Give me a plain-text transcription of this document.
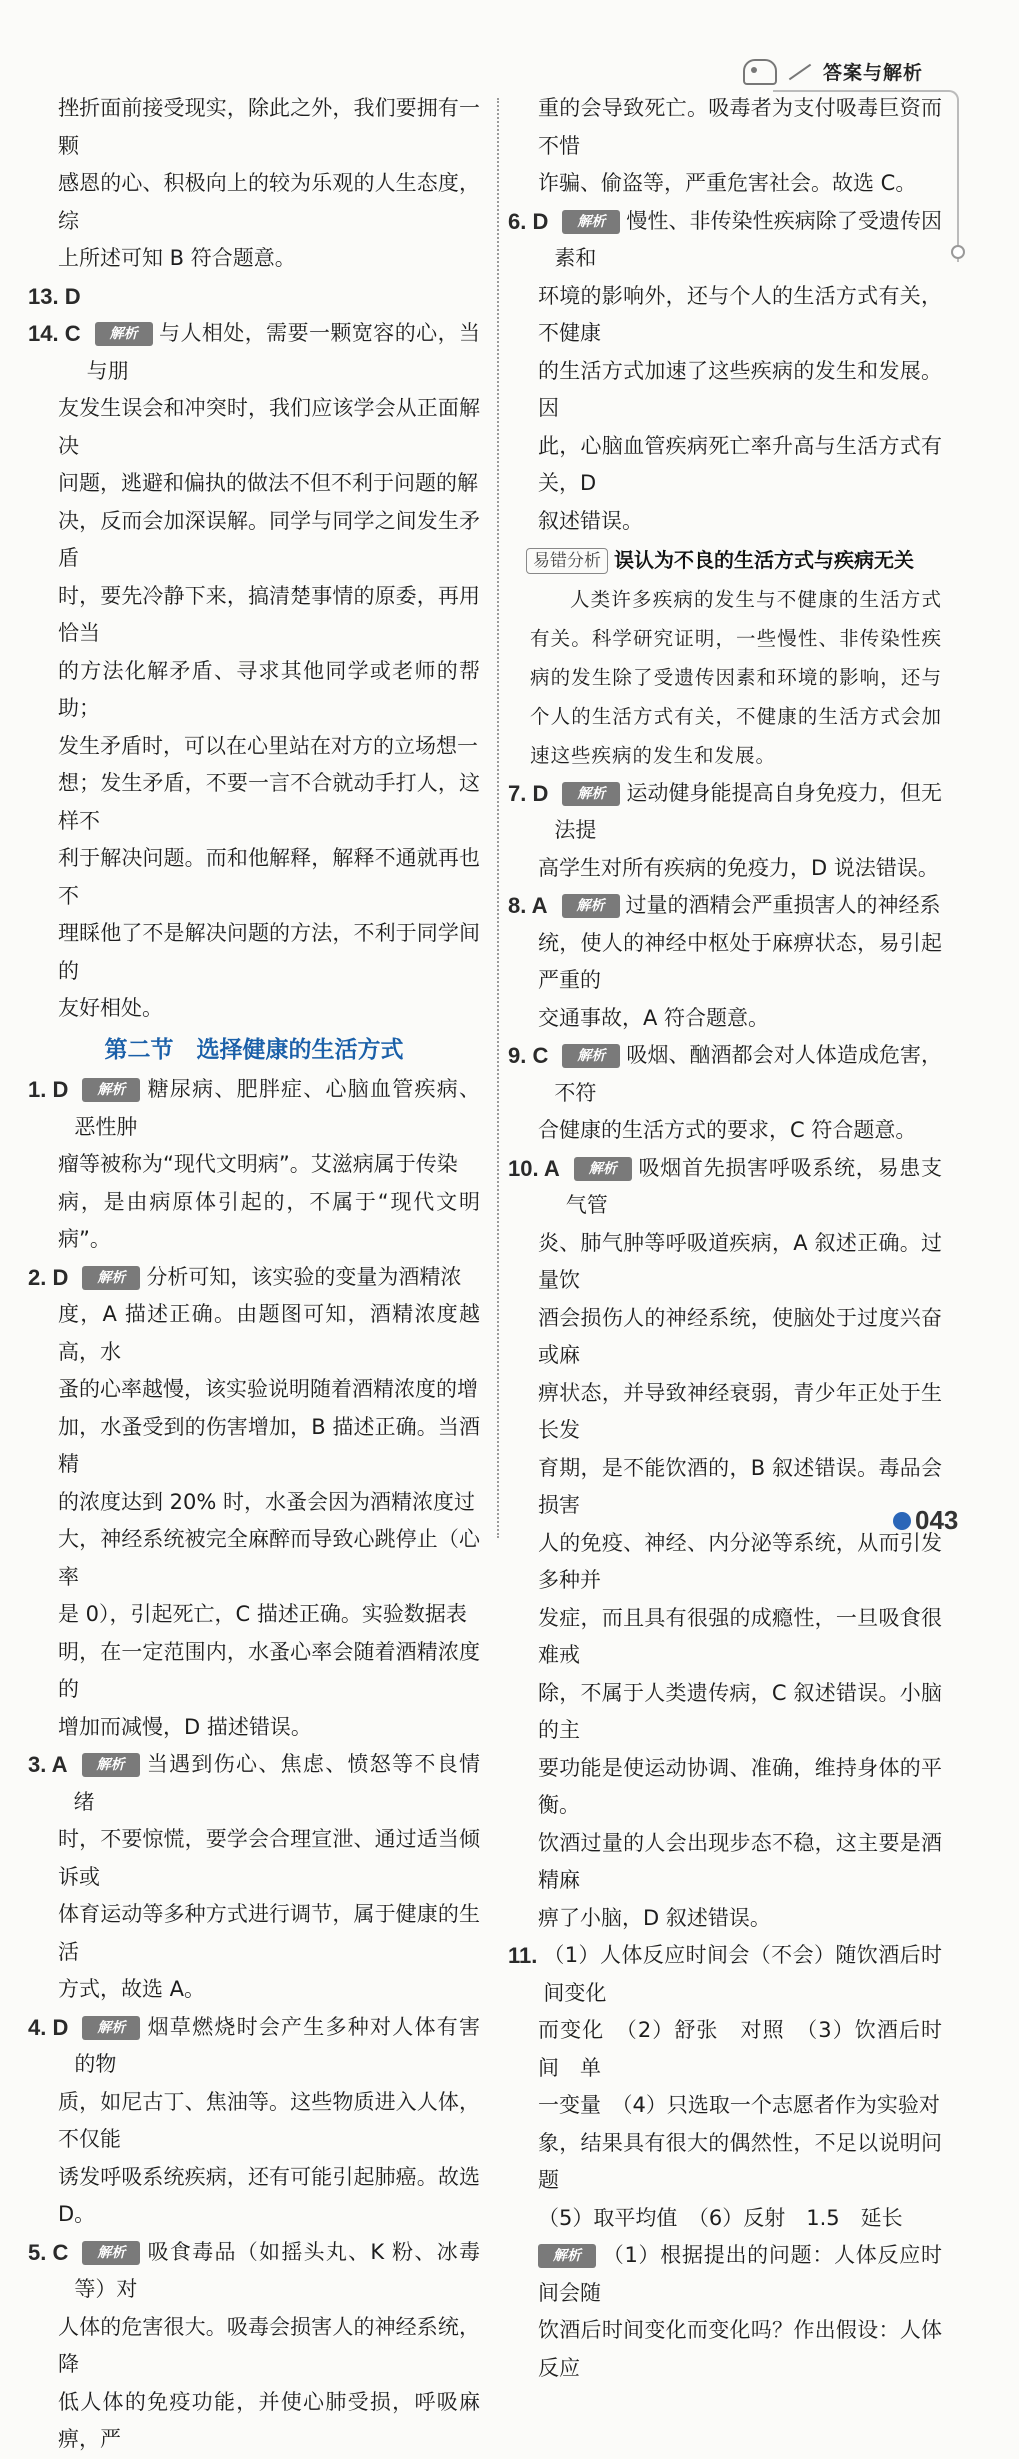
答案与解析
挫折面前接受现实，除此之外，我们要拥有一颗
感恩的心、积极向上的较为乐观的人生态度，综
上所述可知 B 符合题意。
13. D
14. C	解析 与人相处，需要一颗宽容的心，当与朋
友发生误会和冲突时，我们应该学会从正面解决
问题，逃避和偏执的做法不但不利于问题的解
决，反而会加深误解。同学与同学之间发生矛盾
时，要先冷静下来，搞清楚事情的原委，再用恰当
的方法化解矛盾、寻求其他同学或老师的帮助；
发生矛盾时，可以在心里站在对方的立场想一
想；发生矛盾，不要一言不合就动手打人，这样不
利于解决问题。而和他解释，解释不通就再也不
理睬他了不是解决问题的方法，不利于同学间的
友好相处。
第二节　选择健康的生活方式
1. D	解析 糖尿病、肥胖症、心脑血管疾病、恶性肿
瘤等被称为“现代文明病”。艾滋病属于传染
病，是由病原体引起的，不属于“现代文明病”。
2. D	解析 分析可知，该实验的变量为酒精浓
度，A 描述正确。由题图可知，酒精浓度越高，水
蚤的心率越慢，该实验说明随着酒精浓度的增
加，水蚤受到的伤害增加，B 描述正确。当酒精
的浓度达到 20% 时，水蚤会因为酒精浓度过
大，神经系统被完全麻醉而导致心跳停止（心率
是 0），引起死亡，C 描述正确。实验数据表
明，在一定范围内，水蚤心率会随着酒精浓度的
增加而减慢，D 描述错误。
3. A	解析 当遇到伤心、焦虑、愤怒等不良情绪
时，不要惊慌，要学会合理宣泄、通过适当倾诉或
体育运动等多种方式进行调节，属于健康的生活
方式，故选 A。
4. D	解析 烟草燃烧时会产生多种对人体有害的物
质，如尼古丁、焦油等。这些物质进入人体，不仅能
诱发呼吸系统疾病，还有可能引起肺癌。故选 D。
5. C	解析 吸食毒品（如摇头丸、K 粉、冰毒等）对
人体的危害很大。吸毒会损害人的神经系统，降
低人体的免疫功能，并使心肺受损，呼吸麻痹，严
重的会导致死亡。吸毒者为支付吸毒巨资而不惜
诈骗、偷盗等，严重危害社会。故选 C。
6. D	解析 慢性、非传染性疾病除了受遗传因素和
环境的影响外，还与个人的生活方式有关，不健康
的生活方式加速了这些疾病的发生和发展。因
此，心脑血管疾病死亡率升高与生活方式有关，D
叙述错误。
易错分析 误认为不良的生活方式与疾病无关
人类许多疾病的发生与不健康的生活方式有关。科学研究证明，一些慢性、非传染性疾病的发生除了受遗传因素和环境的影响，还与个人的生活方式有关，不健康的生活方式会加速这些疾病的发生和发展。
7. D	解析 运动健身能提高自身免疫力，但无法提
高学生对所有疾病的免疫力，D 说法错误。
8. A	解析 过量的酒精会严重损害人的神经系
统，使人的神经中枢处于麻痹状态，易引起严重的
交通事故，A 符合题意。
9. C	解析 吸烟、酗酒都会对人体造成危害，不符
合健康的生活方式的要求，C 符合题意。
10. A	解析 吸烟首先损害呼吸系统，易患支气管
炎、肺气肿等呼吸道疾病，A 叙述正确。过量饮
酒会损伤人的神经系统，使脑处于过度兴奋或麻
痹状态，并导致神经衰弱，青少年正处于生长发
育期，是不能饮酒的，B 叙述错误。毒品会损害
人的免疫、神经、内分泌等系统，从而引发多种并
发症，而且具有很强的成瘾性，一旦吸食很难戒
除，不属于人类遗传病，C 叙述错误。小脑的主
要功能是使运动协调、准确，维持身体的平衡。
饮酒过量的人会出现步态不稳，这主要是酒精麻
痹了小脑，D 叙述错误。
11. （1）人体反应时间会（不会）随饮酒后时间变化
而变化　（2）舒张　对照　（3）饮酒后时间　单
一变量　（4）只选取一个志愿者作为实验对
象，结果具有很大的偶然性，不足以说明问题
（5）取平均值　（6）反射　1.5　延长
解析 （1）根据提出的问题：人体反应时间会随
饮酒后时间变化而变化吗？作出假设：人体反应
043
